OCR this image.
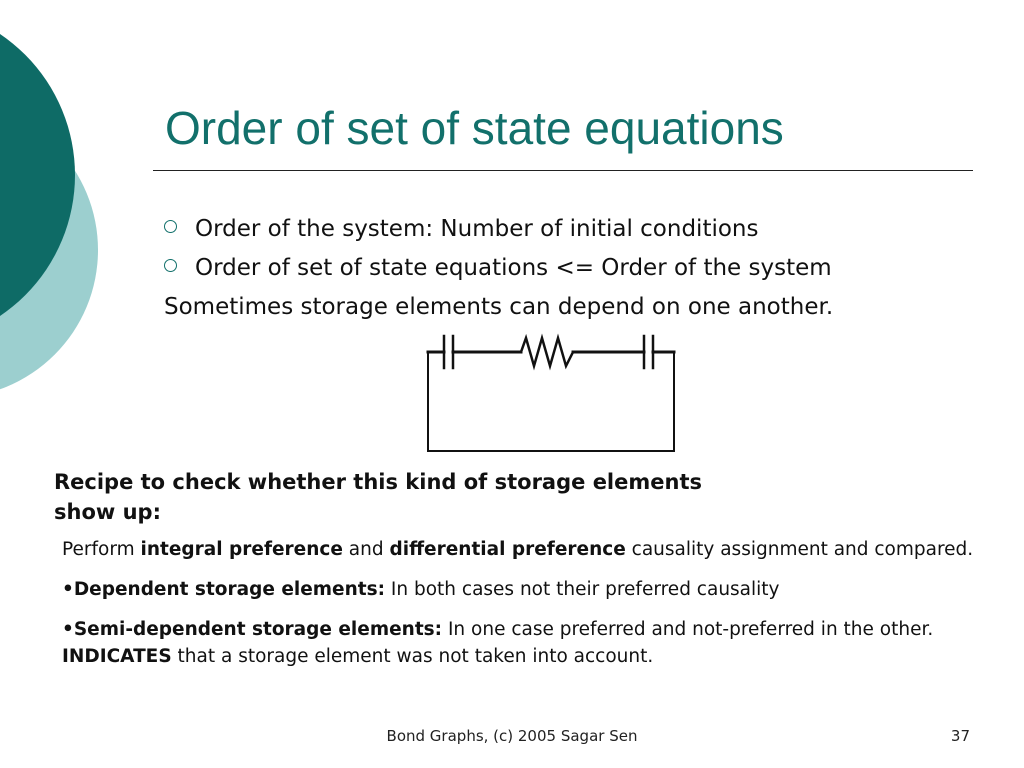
Order of set of state equations
Order of the system: Number of initial conditions
Order of set of state equations <= Order of the system
Sometimes storage elements can depend on one another.
Recipe to check whether this kind of storage elements show up:

Perform integral preference and differential preference causality assignment and compared.

•Dependent storage elements: In both cases not their preferred causality

•Semi-dependent storage elements: In one case preferred and not-preferred in the other. INDICATES that a storage element was not taken into account.

Bond Graphs, (c) 2005 Sagar Sen	37
